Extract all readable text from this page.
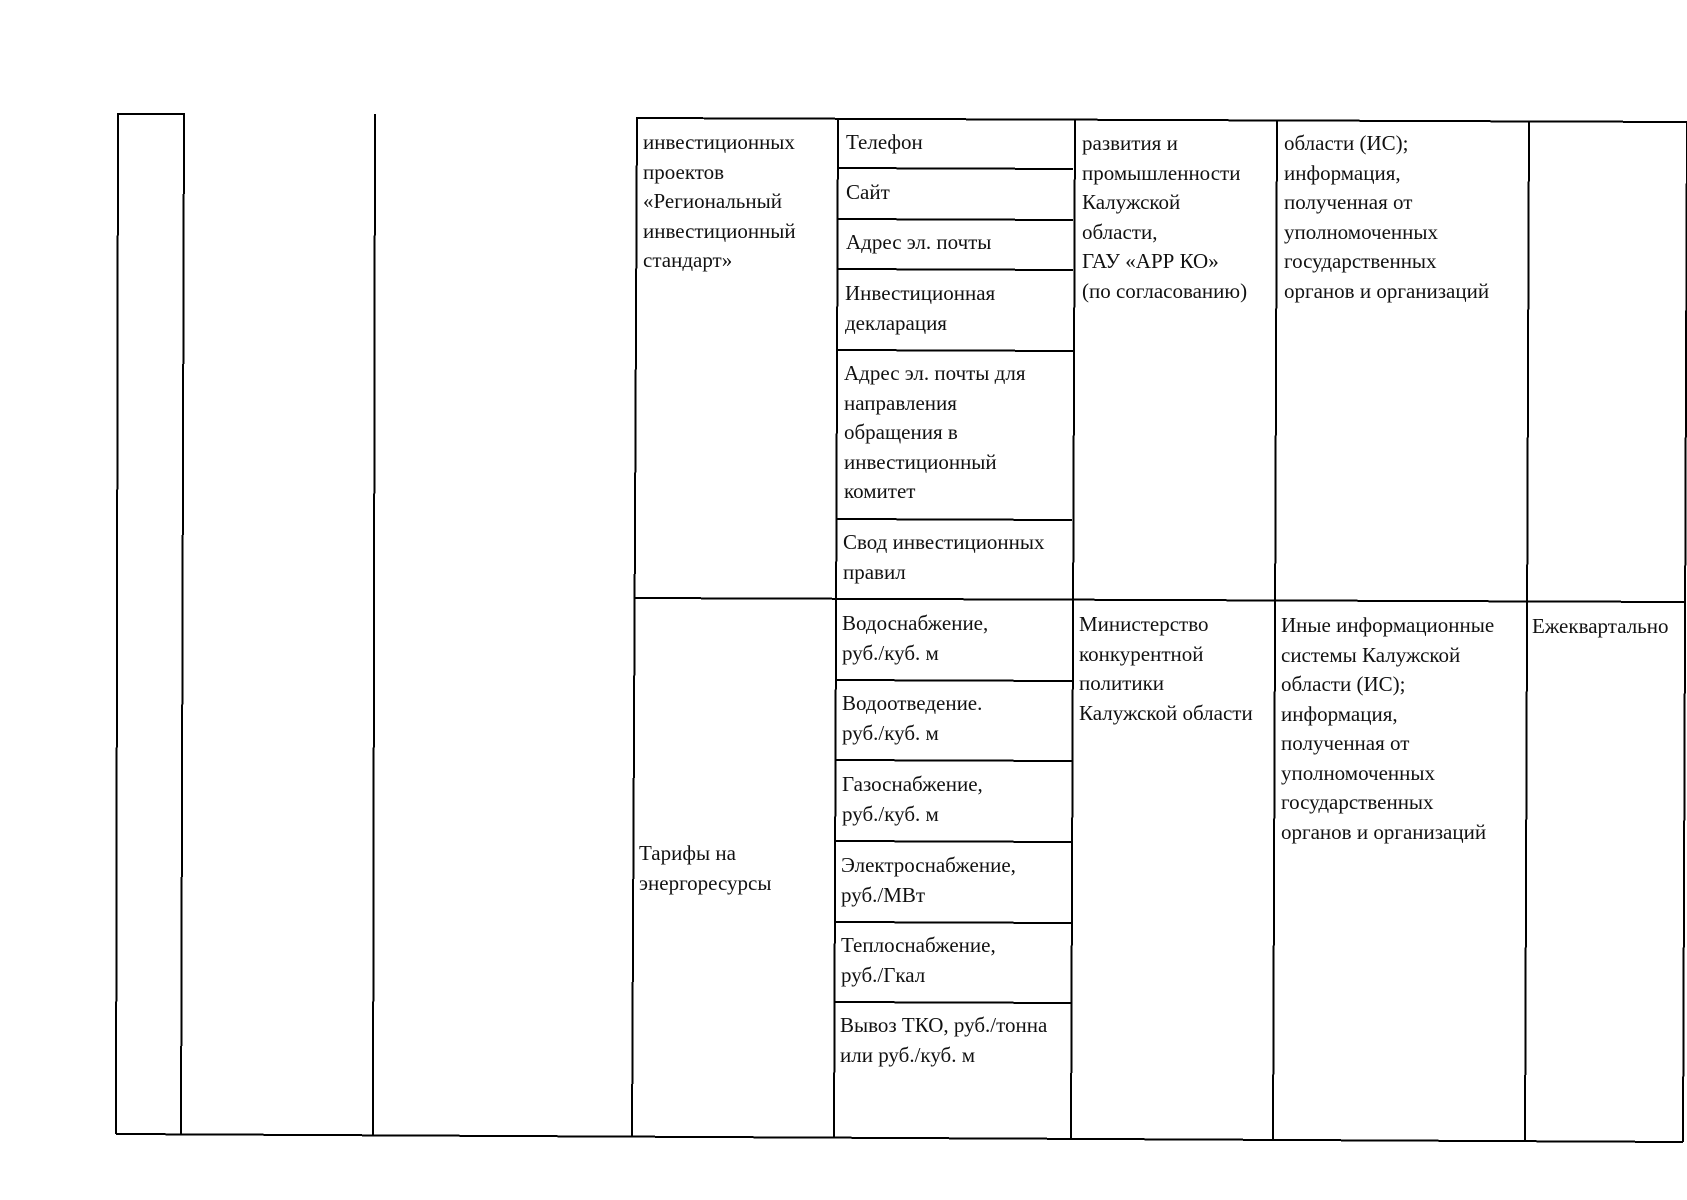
инвестиционных
проектов
«Региональный
инвестиционный
стандарт»
Тарифы на
энергоресурсы
Телефон
Сайт
Адрес эл. почты
Инвестиционная
декларация
Адрес эл. почты для
направления
обращения в
инвестиционный
комитет
Свод инвестиционных
правил
Водоснабжение,
руб./куб. м
Водоотведение.
руб./куб. м
Газоснабжение,
руб./куб. м
Электроснабжение,
руб./МВт
Теплоснабжение,
руб./Гкал
Вывоз ТКО, руб./тонна
или руб./куб. м
развития и
промышленности
Калужской
области,
ГАУ «АРР КО»
(по согласованию)
Министерство
конкурентной
политики
Калужской области
области (ИС);
информация,
полученная от
уполномоченных
государственных
органов и организаций
Иные информационные
системы Калужской
области (ИС);
информация,
полученная от
уполномоченных
государственных
органов и организаций
Ежеквартально
